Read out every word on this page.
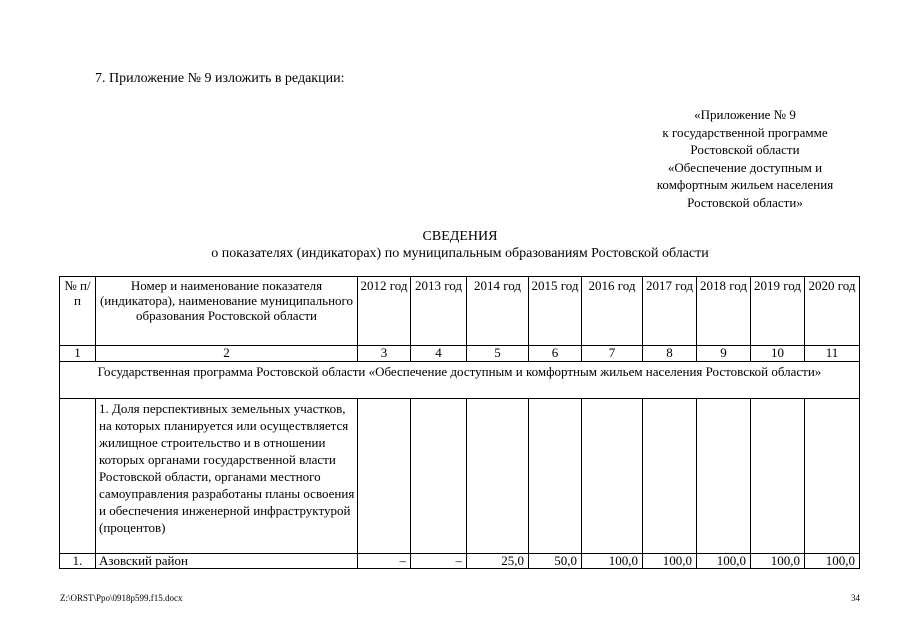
7. Приложение № 9 изложить в редакции:
«Приложение № 9
к государственной программе
Ростовской области
«Обеспечение доступным и
комфортным жильем населения
Ростовской области»
СВЕДЕНИЯ
о показателях (индикаторах) по муниципальным образованиям Ростовской области
№ п/п	Номер и наименование показателя (индикатора), наименование муниципального образования Ростовской области	2012 год	2013 год	2014 год	2015 год	2016 год	2017 год	2018 год	2019 год	2020 год
1	2	3	4	5	6	7	8	9	10	11
Государственная программа Ростовской области «Обеспечение доступным и комфортным жильем населения Ростовской области»										
	1. Доля перспективных земельных участков, на которых планируется или осуществляется жилищное строительство и в отношении которых органами государственной власти Ростовской области, органами местного самоуправления разработаны планы освоения и обеспечения инженерной инфраструктурой (процентов)									
1.	Азовский район	–	–	25,0	50,0	100,0	100,0	100,0	100,0	100,0
Z:\ORST\Ppo\0918p599.f15.docx	34
